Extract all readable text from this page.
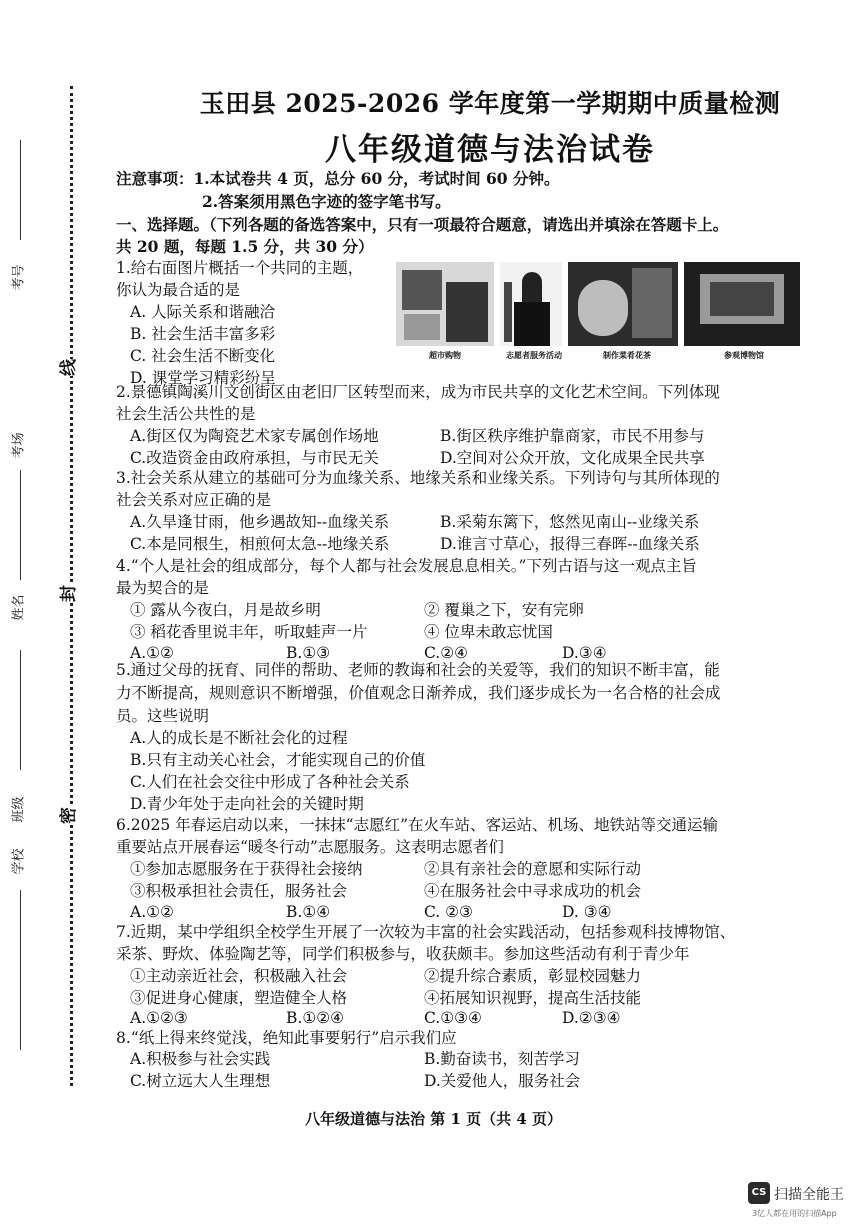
线
封
密
考号
考场
姓名
班级
学校
玉田县 2025-2026 学年度第一学期期中质量检测
八年级道德与法治试卷
注意事项：1.本试卷共 4 页，总分 60 分，考试时间 60 分钟。
2.答案须用黑色字迹的签字笔书写。
一、选择题。（下列各题的备选答案中，只有一项最符合题意，请选出并填涂在答题卡上。
共 20 题，每题 1.5 分，共 30 分）
1.给右面图片概括一个共同的主题，
你认为最合适的是
A. 人际关系和谐融洽
B. 社会生活丰富多彩
C. 社会生活不断变化
D. 课堂学习精彩纷呈
超市购物	志愿者服务活动	制作菜肴花茶	参观博物馆
2.景德镇陶溪川文创街区由老旧厂区转型而来，成为市民共享的文化艺术空间。下列体现
社会生活公共性的是
A.街区仅为陶瓷艺术家专属创作场地	B.街区秩序维护靠商家，市民不用参与
C.改造资金由政府承担，与市民无关	D.空间对公众开放，文化成果全民共享
3.社会关系从建立的基础可分为血缘关系、地缘关系和业缘关系。下列诗句与其所体现的
社会关系对应正确的是
A.久旱逢甘雨，他乡遇故知--血缘关系	B.采菊东篱下，悠然见南山--业缘关系
C.本是同根生，相煎何太急--地缘关系	D.谁言寸草心，报得三春晖--血缘关系
4.“个人是社会的组成部分，每个人都与社会发展息息相关。”下列古语与这一观点主旨
最为契合的是
① 露从今夜白，月是故乡明	② 覆巢之下，安有完卵
③ 稻花香里说丰年，听取蛙声一片	④ 位卑未敢忘忧国
A.①②	B.①③	C.②④	D.③④
5.通过父母的抚育、同伴的帮助、老师的教诲和社会的关爱等，我们的知识不断丰富，能
力不断提高，规则意识不断增强，价值观念日渐养成，我们逐步成长为一名合格的社会成
员。这些说明
A.人的成长是不断社会化的过程
B.只有主动关心社会，才能实现自己的价值
C.人们在社会交往中形成了各种社会关系
D.青少年处于走向社会的关键时期
6.2025 年春运启动以来，一抹抹“志愿红”在火车站、客运站、机场、地铁站等交通运输
重要站点开展春运“暖冬行动”志愿服务。这表明志愿者们
①参加志愿服务在于获得社会接纳	②具有亲社会的意愿和实际行动
③积极承担社会责任，服务社会	④在服务社会中寻求成功的机会
A.①②	B.①④	C. ②③	D. ③④
7.近期，某中学组织全校学生开展了一次较为丰富的社会实践活动，包括参观科技博物馆、
采茶、野炊、体验陶艺等，同学们积极参与，收获颇丰。参加这些活动有利于青少年
①主动亲近社会，积极融入社会	②提升综合素质，彰显校园魅力
③促进身心健康，塑造健全人格	④拓展知识视野，提高生活技能
A.①②③	B.①②④	C.①③④	D.②③④
8.“纸上得来终觉浅，绝知此事要躬行”启示我们应
A.积极参与社会实践	B.勤奋读书，刻苦学习
C.树立远大人生理想	D.关爱他人，服务社会
八年级道德与法治 第 1 页（共 4 页）
CS 扫描全能王
3亿人都在用的扫描App
